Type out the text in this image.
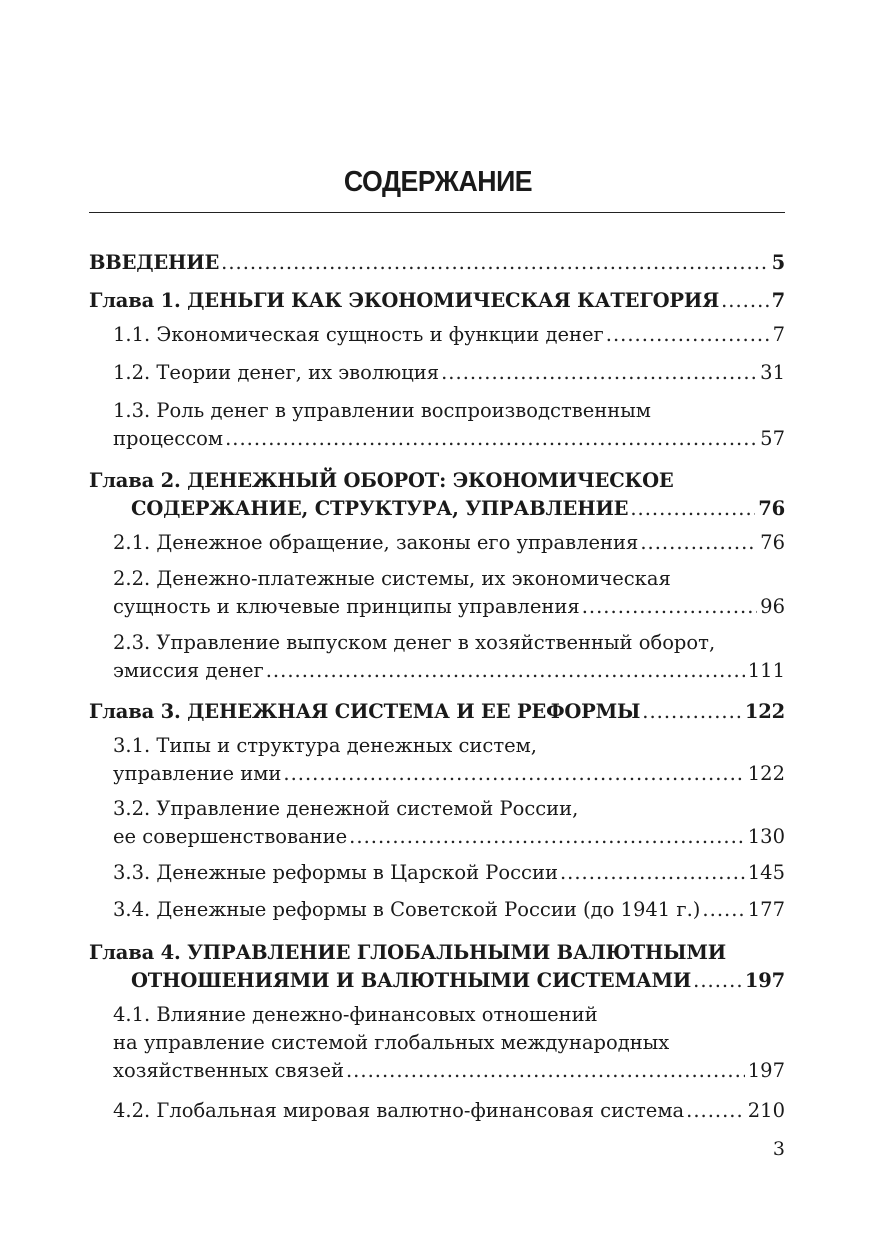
СОДЕРЖАНИЕ
ВВЕДЕНИЕ . . .	5
Глава 1. ДЕНЬГИ КАК ЭКОНОМИЧЕСКАЯ КАТЕГОРИЯ . . .	7
1.1. Экономическая сущность и функции денег . . .	7
1.2. Теории денег, их эволюция . . .	31
1.3. Роль денег в управлении воспроизводственным
процессом . . .	57
Глава 2. ДЕНЕЖНЫЙ ОБОРОТ: ЭКОНОМИЧЕСКОЕ
СОДЕРЖАНИЕ, СТРУКТУРА, УПРАВЛЕНИЕ . . .	76
2.1. Денежное обращение, законы его управления . . .	76
2.2. Денежно-платежные системы, их экономическая
сущность и ключевые принципы управления . . .	96
2.3. Управление выпуском денег в хозяйственный оборот,
эмиссия денег . . .	111
Глава 3. ДЕНЕЖНАЯ СИСТЕМА И ЕЕ РЕФОРМЫ . . .	122
3.1. Типы и структура денежных систем,
управление ими . . .	122
3.2. Управление денежной системой России,
ее совершенствование . . .	130
3.3. Денежные реформы в Царской России . . .	145
3.4. Денежные реформы в Советской России (до 1941 г.) . . . 177
Глава 4. УПРАВЛЕНИЕ ГЛОБАЛЬНЫМИ ВАЛЮТНЫМИ
ОТНОШЕНИЯМИ И ВАЛЮТНЫМИ СИСТЕМАМИ . . .	197
4.1. Влияние денежно-финансовых отношений
на управление системой глобальных международных
хозяйственных связей . . .	197
4.2. Глобальная мировая валютно-финансовая система . . .	210
3
